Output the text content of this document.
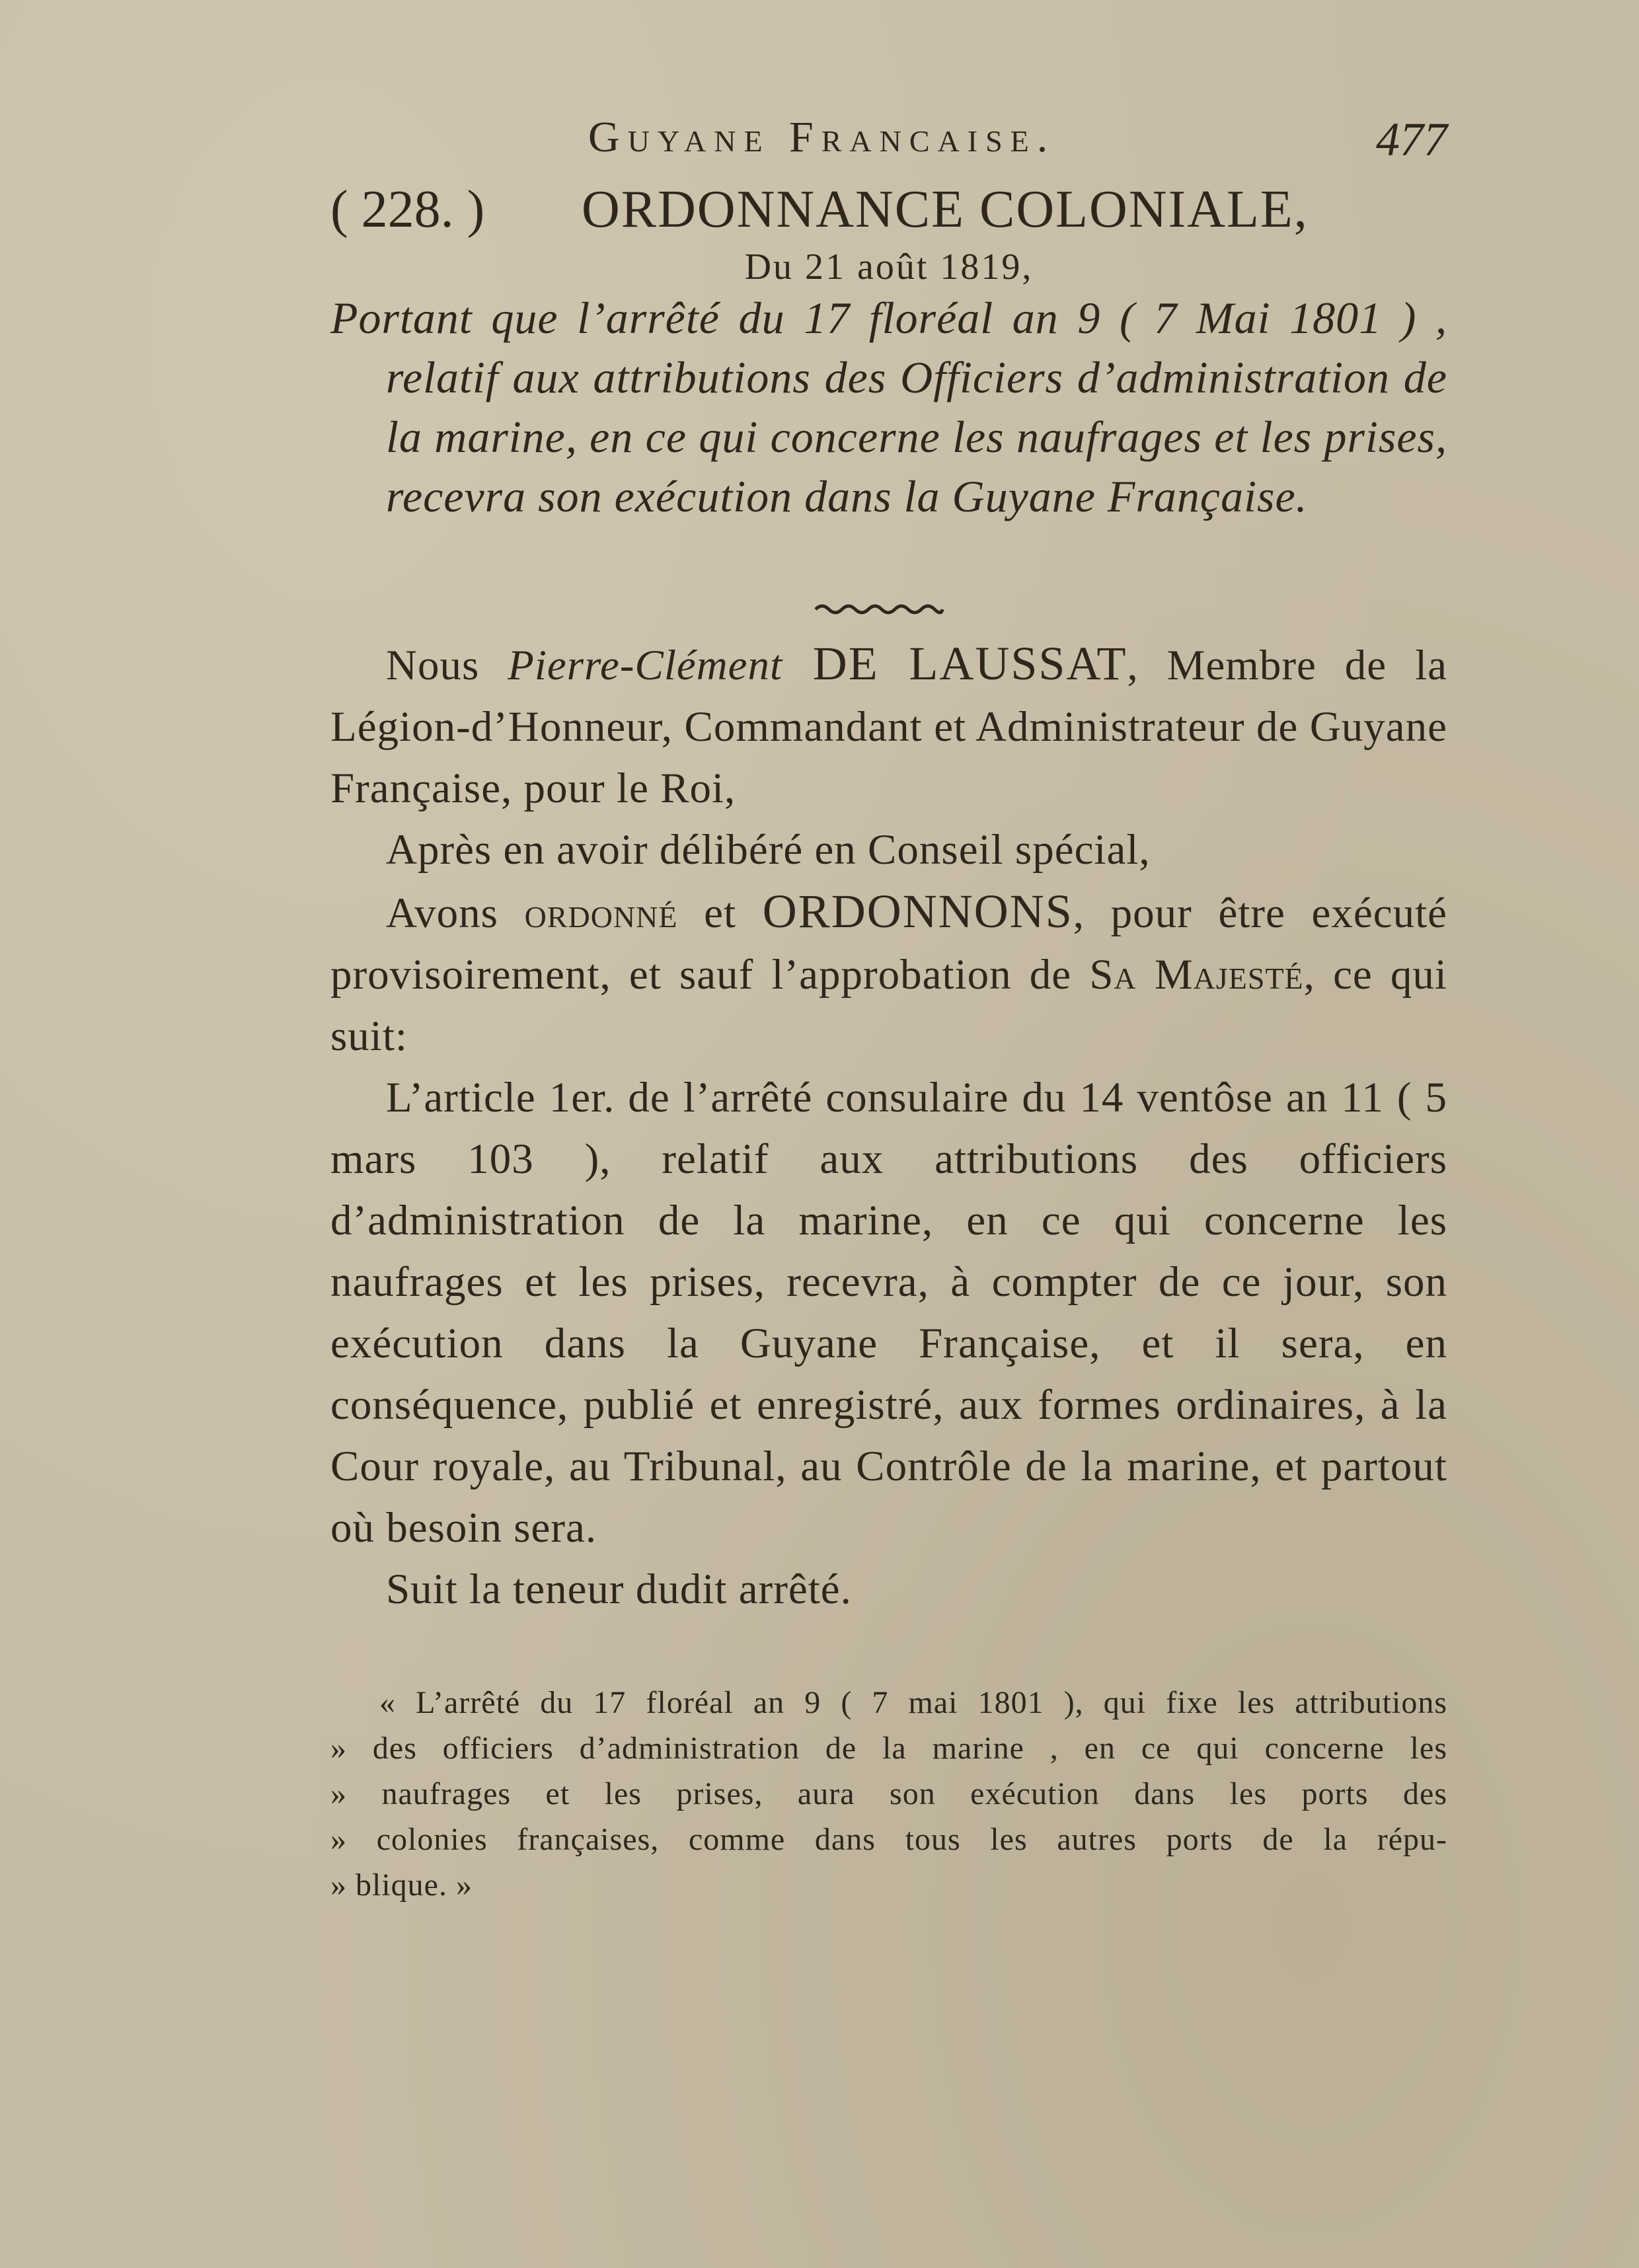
Guyane Francaise.	477
( 228. ) ORDONNANCE COLONIALE,
Du 21 août 1819,
Portant que l’arrêté du 17 floréal an 9 ( 7 Mai 1801 ) , relatif aux attributions des Officiers d’administration de la marine, en ce qui concerne les naufrages et les prises, recevra son exécution dans la Guyane Française.

Nous Pierre-Clément DE LAUSSAT, Membre de la Légion-d’Honneur, Commandant et Administrateur de Guyane Française, pour le Roi,

Après en avoir délibéré en Conseil spécial,

Avons ordonné et ORDONNONS, pour être exécuté provisoirement, et sauf l’approbation de Sa Majesté, ce qui suit:

L’article 1er. de l’arrêté consulaire du 14 ventôse an 11 ( 5 mars 103 ), relatif aux attributions des officiers d’administration de la marine, en ce qui concerne les naufrages et les prises, recevra, à compter de ce jour, son exécution dans la Guyane Française, et il sera, en conséquence, publié et enregistré, aux formes ordinaires, à la Cour royale, au Tribunal, au Contrôle de la marine, et partout où besoin sera.

Suit la teneur dudit arrêté.

« L’arrêté du 17 floréal an 9 ( 7 mai 1801 ), qui fixe les attributions
» des officiers d’administration de la marine , en ce qui concerne les
» naufrages et les prises, aura son exécution dans les ports des
» colonies françaises, comme dans tous les autres ports de la répu-
» blique. »
